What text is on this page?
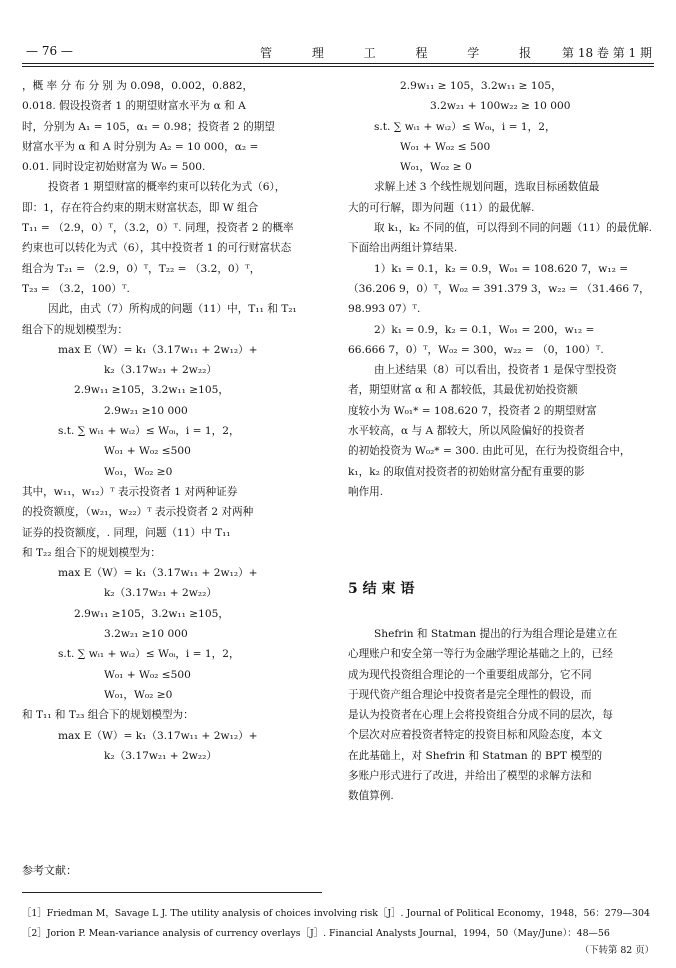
— 76 —	管 理 工 程 学 报 第 18 卷 第 1 期
，概 率 分 布 分 别 为 0.098，0.002，0.882，
0.018. 假设投资者 1 的期望财富水平为 α 和 A
时，分别为 A₁ = 105，α₁ = 0.98；投资者 2 的期望
财富水平为 α 和 A 时分别为 A₂ = 10 000，α₂ =
0.01. 同时设定初始财富为 W₀ = 500.
投资者 1 期望财富的概率约束可以转化为式（6），
即：1，存在符合约束的期末财富状态，即 W 组合
T₁₁ = （2.9，0）ᵀ，（3.2，0）ᵀ. 同理，投资者 2 的概率
约束也可以转化为式（6），其中投资者 1 的可行财富状态
组合为 T₂₁ = （2.9，0）ᵀ，T₂₂ = （3.2，0）ᵀ，
T₂₃ = （3.2，100）ᵀ.
因此，由式（7）所构成的问题（11）中，T₁₁ 和 T₂₁
组合下的规划模型为：
max E（W）= k₁（3.17w₁₁ + 2w₁₂）+
k₂（3.17w₂₁ + 2w₂₂）
2.9w₁₁ ≥105，3.2w₁₁ ≥105，
2.9w₂₁ ≥10 000
s.t. ∑ wᵢ₁ + wᵢ₂）≤ W₀ᵢ，i = 1，2，
W₀₁ + W₀₂ ≤500
W₀₁，W₀₂ ≥0
其中，w₁₁，w₁₂）ᵀ 表示投资者 1 对两种证券
的投资额度，（w₂₁，w₂₂）ᵀ 表示投资者 2 对两种
证券的投资额度，. 同理，问题（11）中 T₁₁
和 T₂₂ 组合下的规划模型为：
max E（W）= k₁（3.17w₁₁ + 2w₁₂）+
k₂（3.17w₂₁ + 2w₂₂）
2.9w₁₁ ≥105，3.2w₁₁ ≥105，
3.2w₂₁ ≥10 000
s.t. ∑ wᵢ₁ + wᵢ₂）≤ W₀ᵢ，i = 1，2，
W₀₁ + W₀₂ ≤500
W₀₁，W₀₂ ≥0
和 T₁₁ 和 T₂₃ 组合下的规划模型为：
max E（W）= k₁（3.17w₁₁ + 2w₁₂）+
k₂（3.17w₂₁ + 2w₂₂）
2.9w₁₁ ≥ 105，3.2w₁₁ ≥ 105，
3.2w₂₁ + 100w₂₂ ≥ 10 000
s.t. ∑ wᵢ₁ + wᵢ₂）≤ W₀ᵢ，i = 1，2，
W₀₁ + W₀₂ ≤ 500
W₀₁，W₀₂ ≥ 0
求解上述 3 个线性规划问题，选取目标函数值最
大的可行解，即为问题（11）的最优解.
取 k₁，k₂ 不同的值，可以得到不同的问题（11）的最优解.
下面给出两组计算结果.
1）k₁ = 0.1，k₂ = 0.9，W₀₁ = 108.620 7，w₁₂ =
（36.206 9，0）ᵀ，W₀₂ = 391.379 3，w₂₂ = （31.466 7，
98.993 07）ᵀ.
2）k₁ = 0.9，k₂ = 0.1，W₀₁ = 200，w₁₂ =
66.666 7，0）ᵀ，W₀₂ = 300，w₂₂ = （0，100）ᵀ.
由上述结果（8）可以看出，投资者 1 是保守型投资
者，期望财富 α 和 A 都较低，其最优初始投资额
度较小为 W₀₁* = 108.620 7，投资者 2 的期望财富
水平较高，α 与 A 都较大，所以风险偏好的投资者
的初始投资为 W₀₂* = 300. 由此可见，在行为投资组合中，
k₁，k₂ 的取值对投资者的初始财富分配有重要的影
响作用.
5 结 束 语
Shefrin 和 Statman 提出的行为组合理论是建立在
心理账户和安全第一等行为金融学理论基础之上的，已经
成为现代投资组合理论的一个重要组成部分，它不同
于现代资产组合理论中投资者是完全理性的假设，而
是认为投资者在心理上会将投资组合分成不同的层次，每
个层次对应着投资者特定的投资目标和风险态度，本文
在此基础上，对 Shefrin 和 Statman 的 BPT 模型的
多账户形式进行了改进，并给出了模型的求解方法和
数值算例.
参考文献：
［1］Friedman M，Savage L J. The utility analysis of choices involving risk［J］. Journal of Political Economy，1948，56：279—304
［2］Jorion P. Mean-variance analysis of currency overlays［J］. Financial Analysts Journal，1994，50（May/June）：48—56
（下转第 82 页）
